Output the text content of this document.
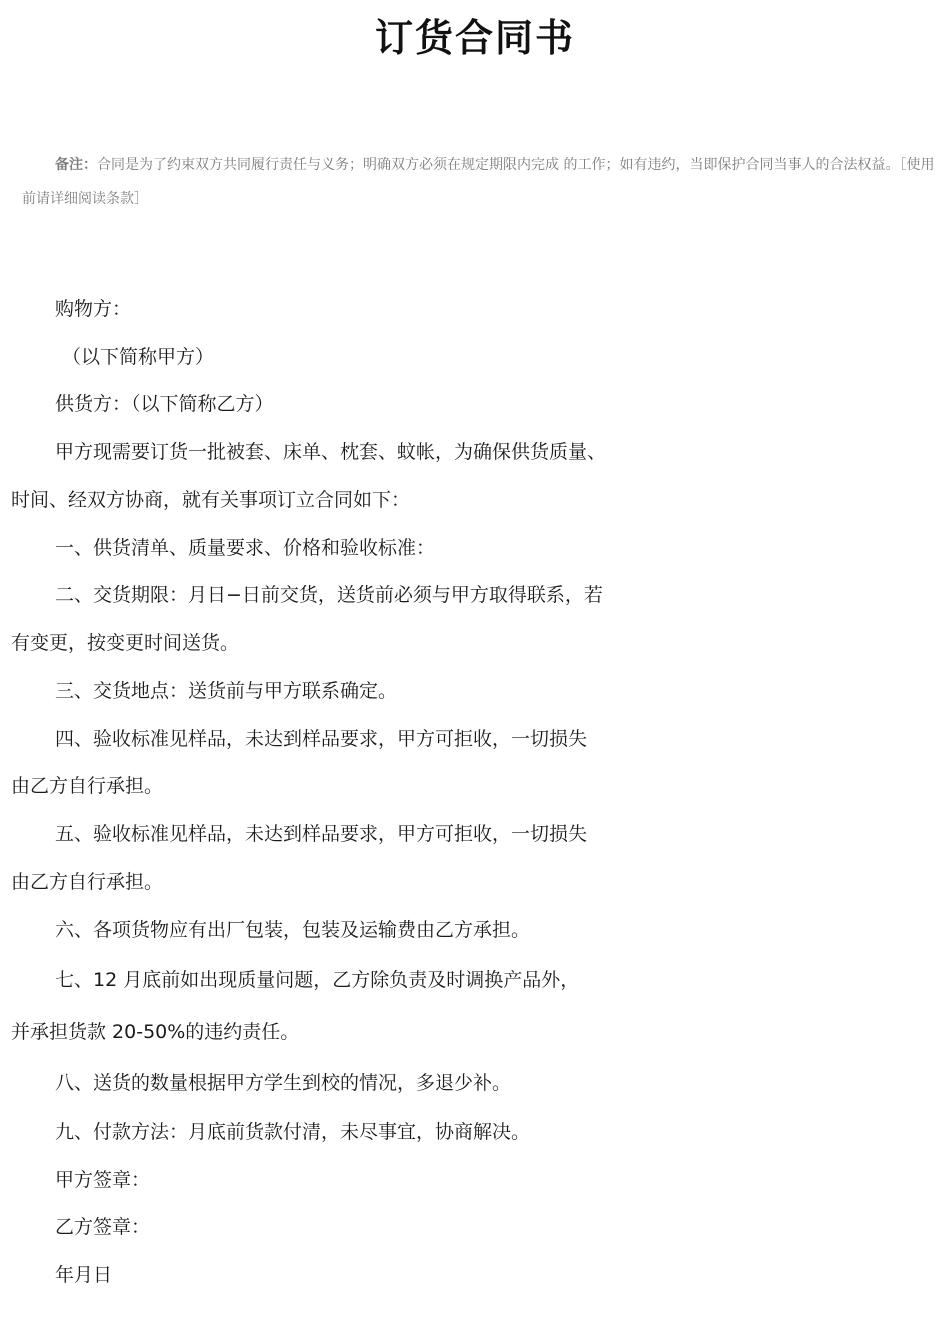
订货合同书
备注：合同是为了约束双方共同履行责任与义务；明确双方必须在规定期限内完成 的工作；如有违约，当即保护合同当事人的合法权益。［使用前请详细阅读条款］
购物方：
（以下简称甲方）
供货方：（以下简称乙方）
甲方现需要订货一批被套、床单、枕套、蚊帐，为确保供货质量、
时间、经双方协商，就有关事项订立合同如下：
一、供货清单、质量要求、价格和验收标准：
二、交货期限：月日−日前交货，送货前必须与甲方取得联系，若
有变更，按变更时间送货。
三、交货地点：送货前与甲方联系确定。
四、验收标准见样品，未达到样品要求，甲方可拒收，一切损失
由乙方自行承担。
五、验收标准见样品，未达到样品要求，甲方可拒收，一切损失
由乙方自行承担。
六、各项货物应有出厂包装，包装及运输费由乙方承担。
七、12 月底前如出现质量问题，乙方除负责及时调换产品外，
并承担货款 20-50%的违约责任。
八、送货的数量根据甲方学生到校的情况，多退少补。
九、付款方法：月底前货款付清，未尽事宜，协商解决。
甲方签章：
乙方签章：
年月日
